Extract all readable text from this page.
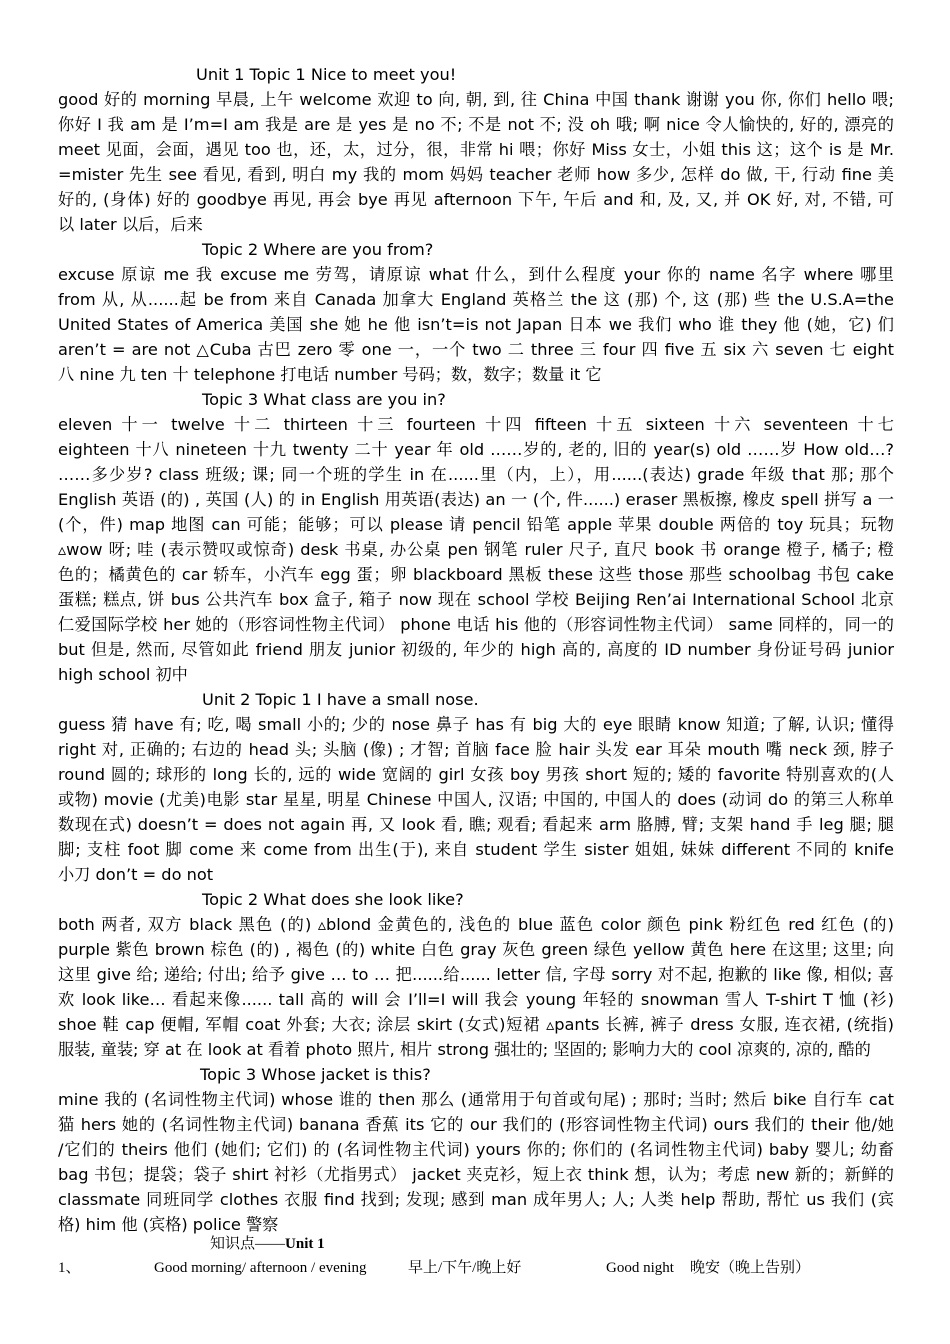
Unit 1 Topic 1 Nice to meet you!
good 好的 morning 早晨, 上午 welcome 欢迎 to 向, 朝, 到, 往 China 中国 thank 谢谢 you 你, 你们 hello 喂;
你好 I 我 am 是 I’m=I am 我是 are 是 yes 是 no 不; 不是 not 不; 没 oh 哦; 啊 nice 令人愉快的, 好的, 漂亮的
meet 见面，会面，遇见 too 也，还，太，过分，很，非常 hi 喂；你好 Miss 女士，小姐 this 这；这个 is 是 Mr.
=mister 先生 see 看见, 看到, 明白 my 我的 mom 妈妈 teacher 老师 how 多少, 怎样 do 做, 干, 行动 fine 美
好的, (身体) 好的 goodbye 再见, 再会 bye 再见 afternoon 下午, 午后 and 和, 及, 又, 并 OK 好, 对, 不错, 可
以 later 以后，后来
Topic 2 Where are you from?
excuse 原谅 me 我 excuse me 劳驾，请原谅 what 什么，到什么程度 your 你的 name 名字 where 哪里
from 从, 从......起 be from 来自 Canada 加拿大 England 英格兰 the 这 (那) 个, 这 (那) 些 the U.S.A=the
United States of America 美国 she 她 he 他 isn’t=is not Japan 日本 we 我们 who 谁 they 他 (她，它) 们
aren’t = are not △Cuba 古巴 zero 零 one 一，一个 two 二 three 三 four 四 five 五 six 六 seven 七 eight
八 nine 九 ten 十 telephone 打电话 number 号码；数，数字；数量 it 它
Topic 3 What class are you in?
eleven 十一 twelve 十二 thirteen 十三 fourteen 十四 fifteen 十五 sixteen 十六 seventeen 十七
eighteen 十八 nineteen 十九 twenty 二十 year 年 old ……岁的, 老的, 旧的 year(s) old ……岁 How old…?
……多少岁? class 班级; 课; 同一个班的学生 in 在......里（内，上），用......(表达) grade 年级 that 那; 那个
English 英语 (的) , 英国 (人) 的 in English 用英语(表达) an 一 (个, 件......) eraser 黑板擦, 橡皮 spell 拼写 a 一
(个，件) map 地图 can 可能；能够；可以 please 请 pencil 铅笔 apple 苹果 double 两倍的 toy 玩具；玩物
▵wow 呀; 哇 (表示赞叹或惊奇) desk 书桌, 办公桌 pen 钢笔 ruler 尺子, 直尺 book 书 orange 橙子, 橘子; 橙
色的；橘黄色的 car 轿车，小汽车 egg 蛋；卵 blackboard 黑板 these 这些 those 那些 schoolbag 书包 cake
蛋糕; 糕点, 饼 bus 公共汽车 box 盒子, 箱子 now 现在 school 学校 Beijing Ren’ai International School 北京
仁爱国际学校 her 她的（形容词性物主代词） phone 电话 his 他的（形容词性物主代词） same 同样的，同一的
but 但是, 然而, 尽管如此 friend 朋友 junior 初级的, 年少的 high 高的, 高度的 ID number 身份证号码 junior
high school 初中
Unit 2 Topic 1 I have a small nose.
guess 猜 have 有; 吃, 喝 small 小的; 少的 nose 鼻子 has 有 big 大的 eye 眼睛 know 知道; 了解, 认识; 懂得
right 对, 正确的; 右边的 head 头; 头脑 (像) ; 才智; 首脑 face 脸 hair 头发 ear 耳朵 mouth 嘴 neck 颈, 脖子
round 圆的; 球形的 long 长的, 远的 wide 宽阔的 girl 女孩 boy 男孩 short 短的; 矮的 favorite 特别喜欢的(人
或物) movie (尤美)电影 star 星星, 明星 Chinese 中国人, 汉语; 中国的, 中国人的 does (动词 do 的第三人称单
数现在式) doesn’t = does not again 再, 又 look 看, 瞧; 观看; 看起来 arm 胳膊, 臂; 支架 hand 手 leg 腿; 腿
脚; 支柱 foot 脚 come 来 come from 出生(于), 来自 student 学生 sister 姐姐, 妹妹 different 不同的 knife
小刀 don’t = do not
Topic 2 What does she look like?
both 两者, 双方 black 黑色 (的) ▵blond 金黄色的, 浅色的 blue 蓝色 color 颜色 pink 粉红色 red 红色 (的)
purple 紫色 brown 棕色 (的) , 褐色 (的) white 白色 gray 灰色 green 绿色 yellow 黄色 here 在这里; 这里; 向
这里 give 给; 递给; 付出; 给予 give … to … 把......给...... letter 信, 字母 sorry 对不起, 抱歉的 like 像, 相似; 喜
欢 look like… 看起来像...... tall 高的 will 会 I’ll=I will 我会 young 年轻的 snowman 雪人 T-shirt T 恤 (衫)
shoe 鞋 cap 便帽, 军帽 coat 外套; 大衣; 涂层 skirt (女式)短裙 ▵pants 长裤, 裤子 dress 女服, 连衣裙, (统指)
服装, 童装; 穿 at 在 look at 看着 photo 照片, 相片 strong 强壮的; 坚固的; 影响力大的 cool 凉爽的, 凉的, 酷的
Topic 3 Whose jacket is this?
mine 我的 (名词性物主代词) whose 谁的 then 那么 (通常用于句首或句尾) ; 那时; 当时; 然后 bike 自行车 cat
猫 hers 她的 (名词性物主代词) banana 香蕉 its 它的 our 我们的 (形容词性物主代词) ours 我们的 their 他/她
/它们的 theirs 他们 (她们; 它们) 的 (名词性物主代词) yours 你的; 你们的 (名词性物主代词) baby 婴儿; 幼畜
bag 书包；提袋；袋子 shirt 衬衫（尤指男式） jacket 夹克衫，短上衣 think 想，认为；考虑 new 新的；新鲜的
classmate 同班同学 clothes 衣服 find 找到; 发现; 感到 man 成年男人; 人; 人类 help 帮助, 帮忙 us 我们 (宾
格) him 他 (宾格) police 警察
知识点——Unit 1
1、	Good morning/ afternoon / evening	早上/下午/晚上好	Good night 晚安（晚上告别）
